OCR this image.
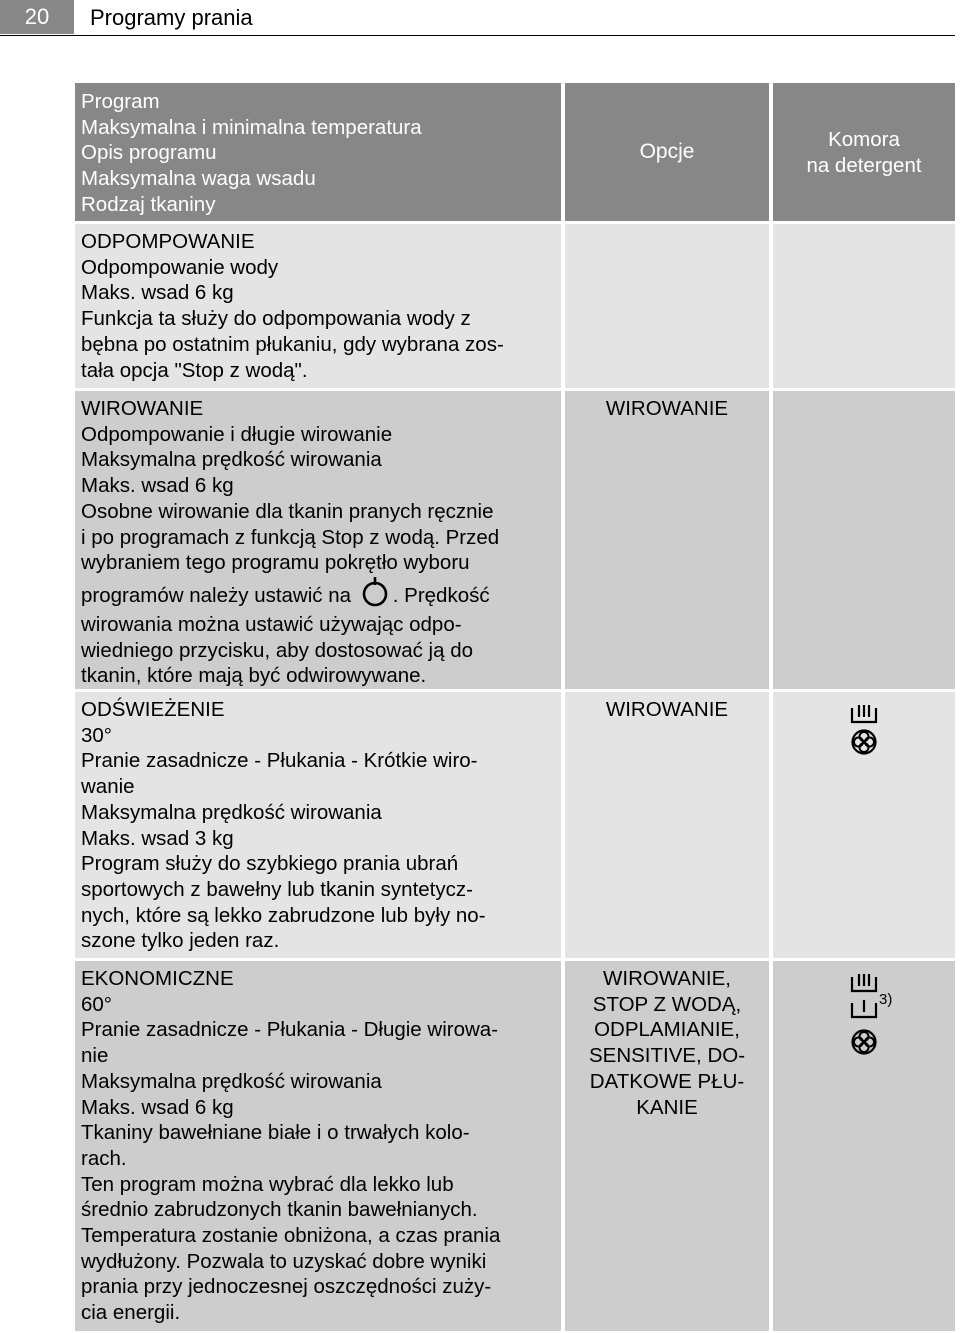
20	Programy prania
Program
Maksymalna i minimalna temperatura
Opis programu
Maksymalna waga wsadu
Rodzaj tkaniny
Opcje
Komora
na detergent
ODPOMPOWANIE
Odpompowanie wody
Maks. wsad 6 kg
Funkcja ta służy do odpompowania wody z
bębna po ostatnim płukaniu, gdy wybrana zos-
tała opcja "Stop z wodą".
WIROWANIE
Odpompowanie i długie wirowanie
Maksymalna prędkość wirowania
Maks. wsad 6 kg
Osobne wirowanie dla tkanin pranych ręcznie
i po programach z funkcją Stop z wodą. Przed
wybraniem tego programu pokrętło wyboru
programów należy ustawić na . Prędkość
wirowania można ustawić używając odpo-
wiedniego przycisku, aby dostosować ją do
tkanin, które mają być odwirowywane.
WIROWANIE
ODŚWIEŻENIE
30°
Pranie zasadnicze - Płukania - Krótkie wiro-
wanie
Maksymalna prędkość wirowania
Maks. wsad 3 kg
Program służy do szybkiego prania ubrań
sportowych z bawełny lub tkanin syntetycz-
nych, które są lekko zabrudzone lub były no-
szone tylko jeden raz.
WIROWANIE
EKONOMICZNE
60°
Pranie zasadnicze - Płukania - Długie wirowa-
nie
Maksymalna prędkość wirowania
Maks. wsad 6 kg
Tkaniny bawełniane białe i o trwałych kolo-
rach.
Ten program można wybrać dla lekko lub
średnio zabrudzonych tkanin bawełnianych.
Temperatura zostanie obniżona, a czas prania
wydłużony. Pozwala to uzyskać dobre wyniki
prania przy jednoczesnej oszczędności zuży-
cia energii.
WIROWANIE,
STOP Z WODĄ,
ODPLAMIANIE,
SENSITIVE, DO-
DATKOWE PŁU-
KANIE
3)
